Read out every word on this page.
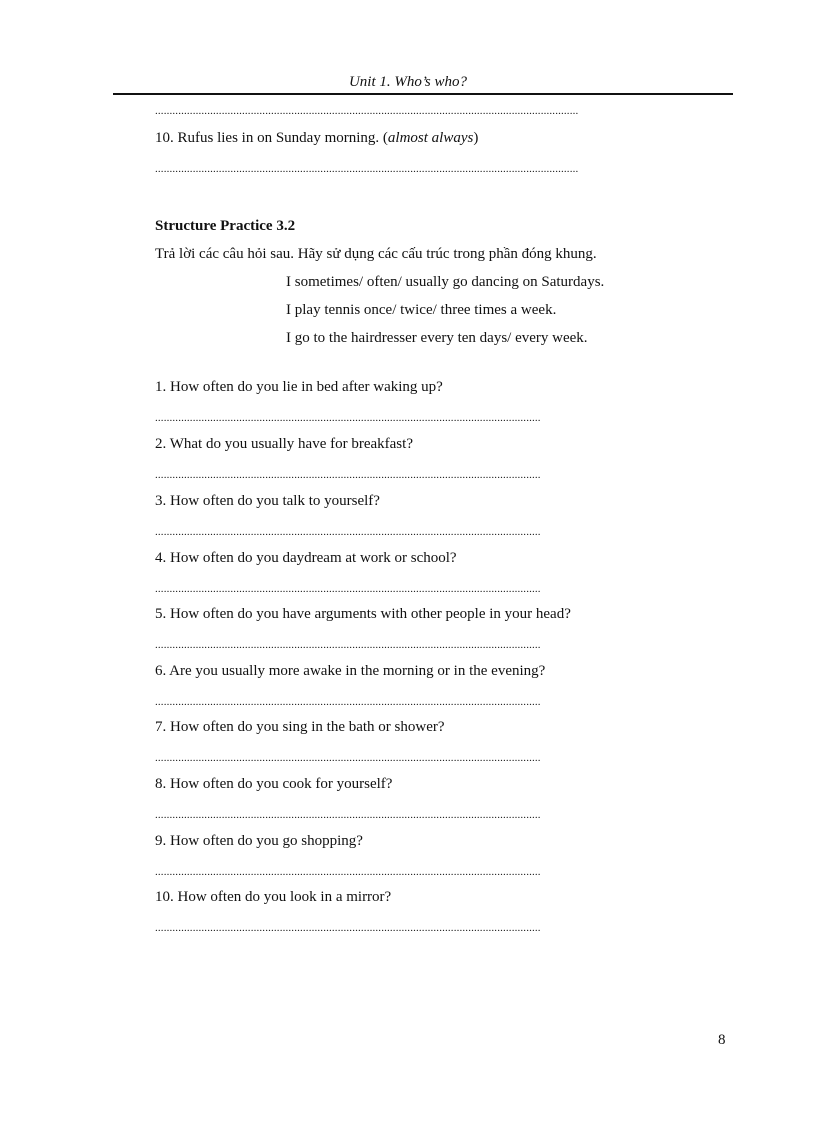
Unit 1. Who’s who?
..................................................................................................................................................
10. Rufus lies in on Sunday morning. (almost always)
..................................................................................................................................................
Structure Practice 3.2
Trả lời các câu hỏi sau. Hãy sử dụng các cấu trúc trong phần đóng khung.
I sometimes/ often/ usually go dancing on Saturdays.
I play tennis once/ twice/ three times a week.
I go to the hairdresser every ten days/ every week.
1. How often do you lie in bed after waking up?
.....................................................................................................................................
2. What do you usually have for breakfast?
.....................................................................................................................................
3. How often do you talk to yourself?
.....................................................................................................................................
4. How often do you daydream at work or school?
.....................................................................................................................................
5. How often do you have arguments with other people in your head?
.....................................................................................................................................
6. Are you usually more awake in the morning or in the evening?
.....................................................................................................................................
7. How often do you sing in the bath or shower?
.....................................................................................................................................
8. How often do you cook for yourself?
.....................................................................................................................................
9. How often do you go shopping?
.....................................................................................................................................
10. How often do you look in a mirror?
.....................................................................................................................................
8
